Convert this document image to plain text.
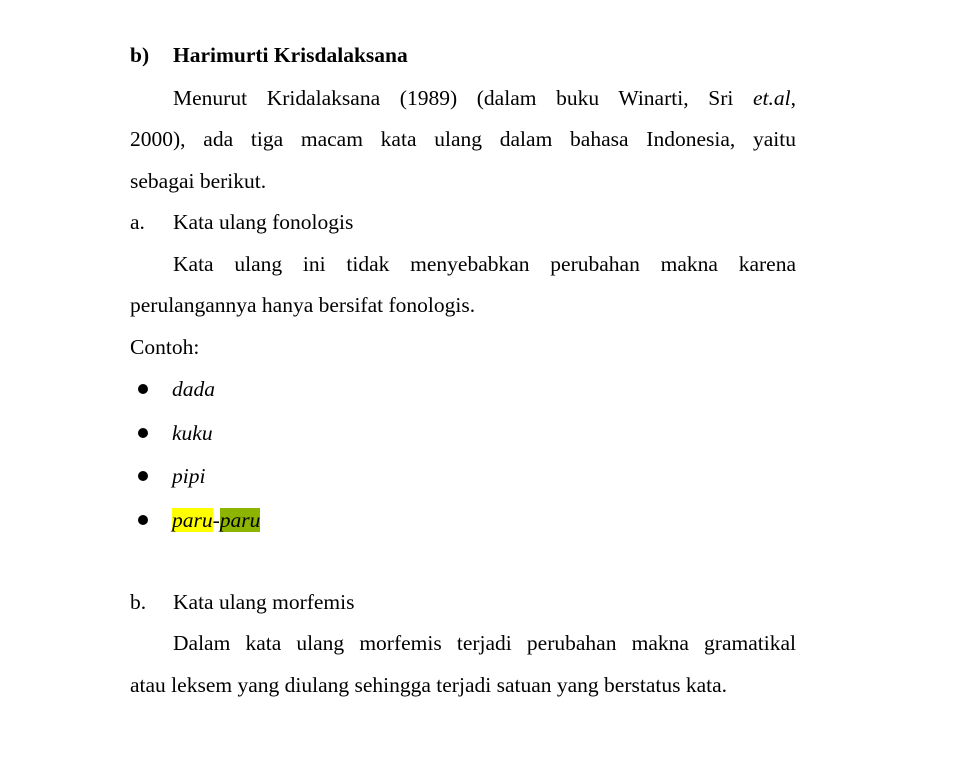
b) Harimurti Krisdalaksana
Menurut Kridalaksana (1989) (dalam buku Winarti, Sri et.al,
2000), ada tiga macam kata ulang dalam bahasa Indonesia, yaitu
sebagai berikut.
a. Kata ulang fonologis
Kata ulang ini tidak menyebabkan perubahan makna karena
perulangannya hanya bersifat fonologis.
Contoh:
dada
kuku
pipi
paru-paru
b. Kata ulang morfemis
Dalam kata ulang morfemis terjadi perubahan makna gramatikal
atau leksem yang diulang sehingga terjadi satuan yang berstatus kata.
